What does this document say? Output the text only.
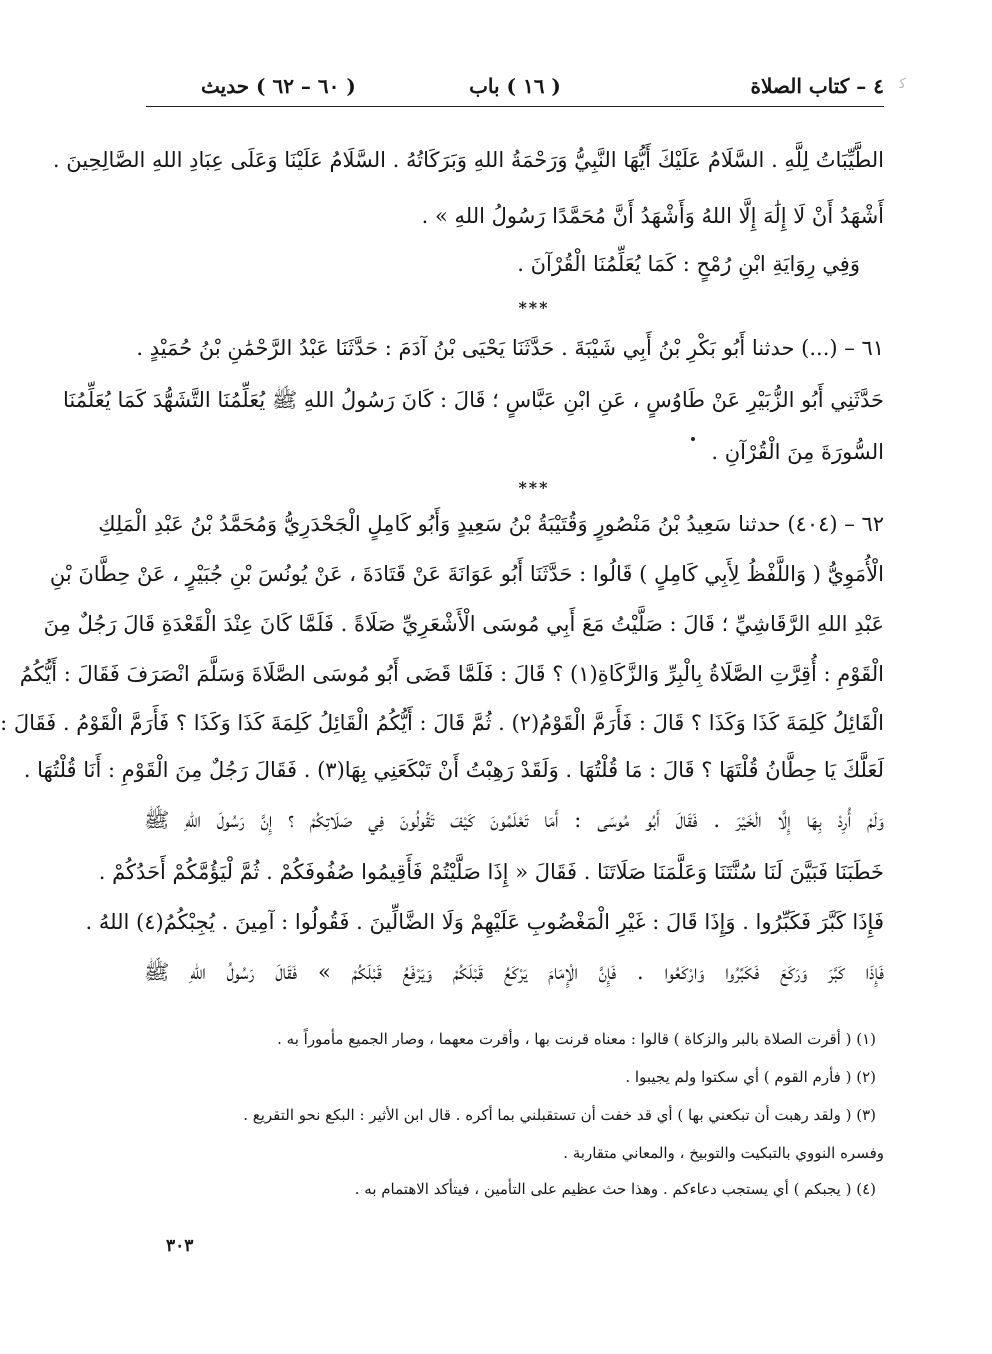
ﮐ
٤ – كتاب الصلاة
( ١٦ ) باب
( ٦٠ – ٦٢ ) حديث
الطَّيِّبَاتُ لِلَّهِ . السَّلَامُ عَلَيْكَ أَيُّهَا النَّبِيُّ وَرَحْمَةُ اللهِ وَبَرَكَاتُهُ . السَّلَامُ عَلَيْنَا وَعَلَى عِبَادِ اللهِ الصَّالِحِينَ .
أَشْهَدُ أَنْ لَا إِلَٰهَ إِلَّا اللهُ وَأَشْهَدُ أَنَّ مُحَمَّدًا رَسُولُ اللهِ » .
وَفِي رِوَايَةِ ابْنِ رُمْحٍ : كَمَا يُعَلِّمُنَا الْقُرْآنَ .
***
٦١ – (...) حدثنا أَبُو بَكْرِ بْنُ أَبِي شَيْبَةَ . حَدَّثَنَا يَحْيَى بْنُ آدَمَ : حَدَّثَنَا عَبْدُ الرَّحْمَٰنِ بْنُ حُمَيْدٍ .
حَدَّثَنِي أَبُو الزُّبَيْرِ عَنْ طَاوُسٍ ، عَنِ ابْنِ عَبَّاسٍ ؛ قَالَ : كَانَ رَسُولُ اللهِ ﷺ يُعَلِّمُنَا التَّشَهُّدَ كَمَا يُعَلِّمُنَا
السُّورَةَ مِنَ الْقُرْآنِ .
***
٦٢ – (٤٠٤) حدثنا سَعِيدُ بْنُ مَنْصُورٍ وَقُتَيْبَةُ بْنُ سَعِيدٍ وَأَبُو كَامِلٍ الْجَحْدَرِيُّ وَمُحَمَّدُ بْنُ عَبْدِ الْمَلِكِ
الْأُمَوِيُّ ( وَاللَّفْظُ لِأَبِي كَامِلٍ ) قَالُوا : حَدَّثَنَا أَبُو عَوَانَةَ عَنْ قَتَادَةَ ، عَنْ يُونُسَ بْنِ جُبَيْرٍ ، عَنْ حِطَّانَ بْنِ
عَبْدِ اللهِ الرَّقَاشِيِّ ؛ قَالَ : صَلَّيْتُ مَعَ أَبِي مُوسَى الْأَشْعَرِيِّ صَلَاةً . فَلَمَّا كَانَ عِنْدَ الْقَعْدَةِ قَالَ رَجُلٌ مِنَ
الْقَوْمِ : أُقِرَّتِ الصَّلَاةُ بِالْبِرِّ وَالزَّكَاةِ(١) ؟ قَالَ : فَلَمَّا قَضَى أَبُو مُوسَى الصَّلَاةَ وَسَلَّمَ انْصَرَفَ فَقَالَ : أَيُّكُمُ
الْقَائِلُ كَلِمَةَ كَذَا وَكَذَا ؟ قَالَ : فَأَرَمَّ الْقَوْمُ(٢) . ثُمَّ قَالَ : أَيُّكُمُ الْقَائِلُ كَلِمَةَ كَذَا وَكَذَا ؟ فَأَرَمَّ الْقَوْمُ . فَقَالَ :
لَعَلَّكَ يَا حِطَّانُ قُلْتَهَا ؟ قَالَ : مَا قُلْتُهَا . وَلَقَدْ رَهِبْتُ أَنْ تَبْكَعَنِي بِهَا(٣) . فَقَالَ رَجُلٌ مِنَ الْقَوْمِ : أَنَا قُلْتُهَا .
وَلَمْ أُرِدْ بِهَا إِلَّا الْخَيْرَ . فَقَالَ أَبُو مُوسَى : أَمَا تَعْلَمُونَ كَيْفَ تَقُولُونَ فِي صَلَاتِكُمْ ؟ إِنَّ رَسُولَ اللهِ ﷺ
خَطَبَنَا فَبَيَّنَ لَنَا سُنَّتَنَا وَعَلَّمَنَا صَلَاتَنَا . فَقَالَ « إِذَا صَلَّيْتُمْ فَأَقِيمُوا صُفُوفَكُمْ . ثُمَّ لْيَؤُمَّكُمْ أَحَدُكُمْ .
فَإِذَا كَبَّرَ فَكَبِّرُوا . وَإِذَا قَالَ : غَيْرِ الْمَغْضُوبِ عَلَيْهِمْ وَلَا الضَّالِّينَ . فَقُولُوا : آمِينَ . يُجِبْكُمُ(٤) اللهُ .
فَإِذَا كَبَّرَ وَرَكَعَ فَكَبِّرُوا وَارْكَعُوا . فَإِنَّ الْإِمَامَ يَرْكَعُ قَبْلَكُمْ وَيَرْفَعُ قَبْلَكُمْ » فَقَالَ رَسُولُ اللهِ ﷺ
(١) ( أقرت الصلاة بالبر والزكاة ) قالوا : معناه قرنت بها ، وأقرت معهما ، وصار الجميع مأموراً به .
(٢) ( فأرم القوم ) أي سكتوا ولم يجيبوا .
(٣) ( ولقد رهبت أن تبكعني بها ) أي قد خفت أن تستقبلني بما أكره . قال ابن الأثير : البكع نحو التقريع .
وفسره النووي بالتبكيت والتوبيخ ، والمعاني متقاربة .
(٤) ( يجبكم ) أي يستجب دعاءكم . وهذا حث عظيم على التأمين ، فيتأكد الاهتمام به .
٣٠٣
